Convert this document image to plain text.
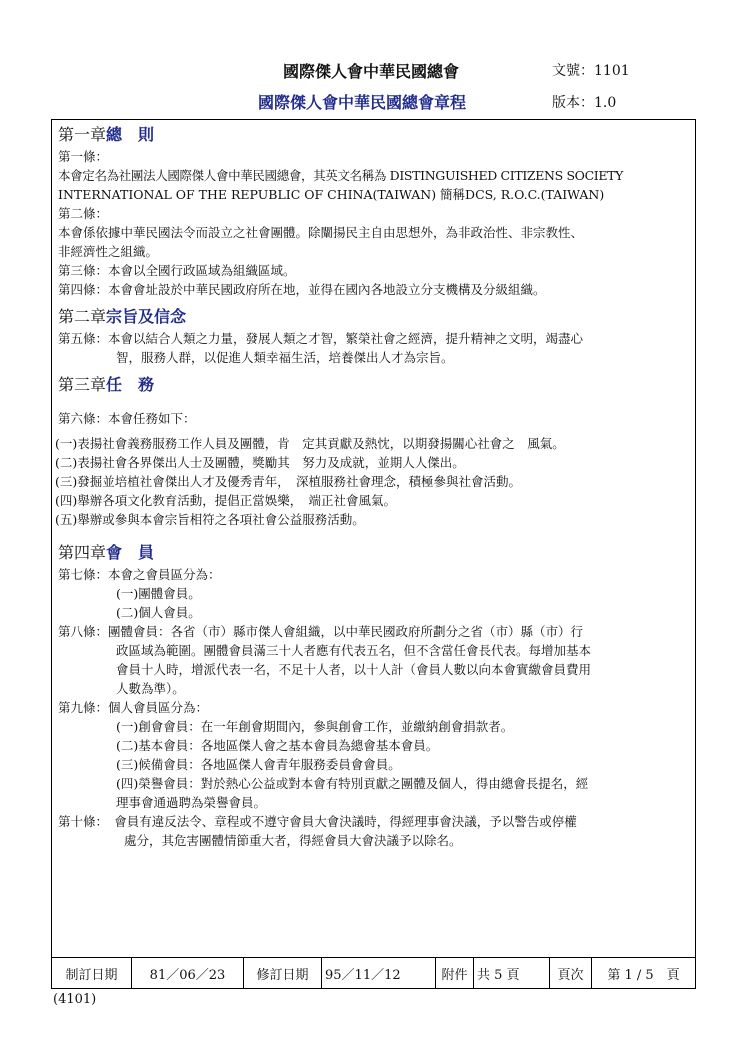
國際傑人會中華民國總會	文號：1101
國際傑人會中華民國總會章程	版本：1.0

第一章總　則

第一條：

本會定名為社團法人國際傑人會中華民國總會，其英文名稱為 DISTINGUISHED CITIZENS SOCIETY

INTERNATIONAL OF THE REPUBLIC OF CHINA(TAIWAN) 簡稱DCS, R.O.C.(TAIWAN)

第二條：

本會係依據中華民國法令而設立之社會團體。除闡揚民主自由思想外，為非政治性、非宗教性、

非經濟性之組織。

第三條：本會以全國行政區域為組織區域。

第四條：本會會址設於中華民國政府所在地，並得在國內各地設立分支機構及分級組織。

第二章宗旨及信念

第五條：本會以結合人類之力量，發展人類之才智，繁榮社會之經濟，提升精神之文明，竭盡心

智，服務人群，以促進人類幸福生活，培養傑出人才為宗旨。

第三章任　務

第六條：本會任務如下：

(一)表揚社會義務服務工作人員及團體，肯　定其貢獻及熱忱，以期發揚關心社會之　風氣。

(二)表揚社會各界傑出人士及團體，獎勵其　努力及成就，並期人人傑出。

(三)發掘並培植社會傑出人才及優秀青年，　深植服務社會理念，積極參與社會活動。

(四)舉辦各項文化教育活動，提倡正當娛樂，　端正社會風氣。

(五)舉辦或參與本會宗旨相符之各項社會公益服務活動。

第四章會　員

第七條：本會之會員區分為：

(一)團體會員。

(二)個人會員。

第八條：團體會員：各省（市）縣市傑人會組織，以中華民國政府所劃分之省（市）縣（市）行

政區域為範圍。團體會員滿三十人者應有代表五名，但不含當任會長代表。每增加基本

會員十人時，增派代表一名，不足十人者，以十人計（會員人數以向本會實繳會員費用

人數為準）。

第九條：個人會員區分為：

(一)創會會員：在一年創會期間內，參與創會工作，並繳納創會捐款者。

(二)基本會員：各地區傑人會之基本會員為總會基本會員。

(三)候備會員：各地區傑人會青年服務委員會會員。

(四)榮譽會員：對於熱心公益或對本會有特別貢獻之團體及個人，得由總會長提名，經

理事會通過聘為榮譽會員。

第十條：　會員有違反法令、章程或不遵守會員大會決議時，得經理事會決議，予以警告或停權

處分，其危害團體情節重大者，得經會員大會決議予以除名。

制訂日期	81／06／23	修訂日期	95／11／12	附件 共 5 頁	頁次	第 1 / 5　頁
(4101)
